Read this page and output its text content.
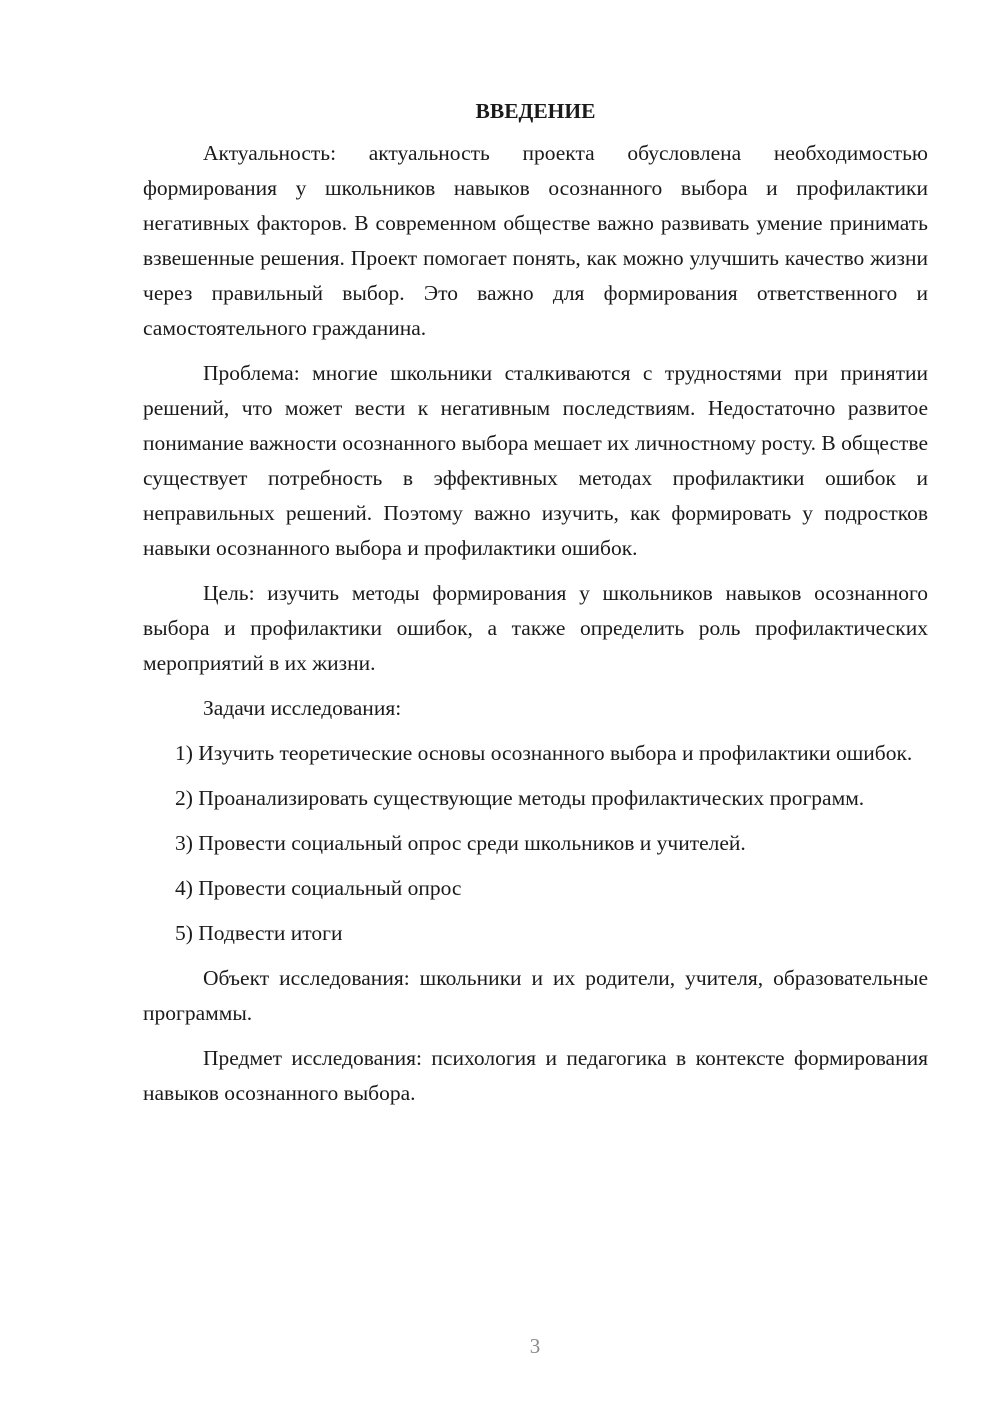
ВВЕДЕНИЕ

Актуальность: актуальность проекта обусловлена необходимостью формирования у школьников навыков осознанного выбора и профилактики негативных факторов. В современном обществе важно развивать умение принимать взвешенные решения. Проект помогает понять, как можно улучшить качество жизни через правильный выбор. Это важно для формирования ответственного и самостоятельного гражданина.

Проблема: многие школьники сталкиваются с трудностями при принятии решений, что может вести к негативным последствиям. Недостаточно развитое понимание важности осознанного выбора мешает их личностному росту. В обществе существует потребность в эффективных методах профилактики ошибок и неправильных решений. Поэтому важно изучить, как формировать у подростков навыки осознанного выбора и профилактики ошибок.

Цель: изучить методы формирования у школьников навыков осознанного выбора и профилактики ошибок, а также определить роль профилактических мероприятий в их жизни.

Задачи исследования:

1) Изучить теоретические основы осознанного выбора и профилактики ошибок.

2) Проанализировать существующие методы профилактических программ.

3) Провести социальный опрос среди школьников и учителей.

4) Провести социальный опрос

5) Подвести итоги

Объект исследования: школьники и их родители, учителя, образовательные программы.

Предмет исследования: психология и педагогика в контексте формирования навыков осознанного выбора.

3
